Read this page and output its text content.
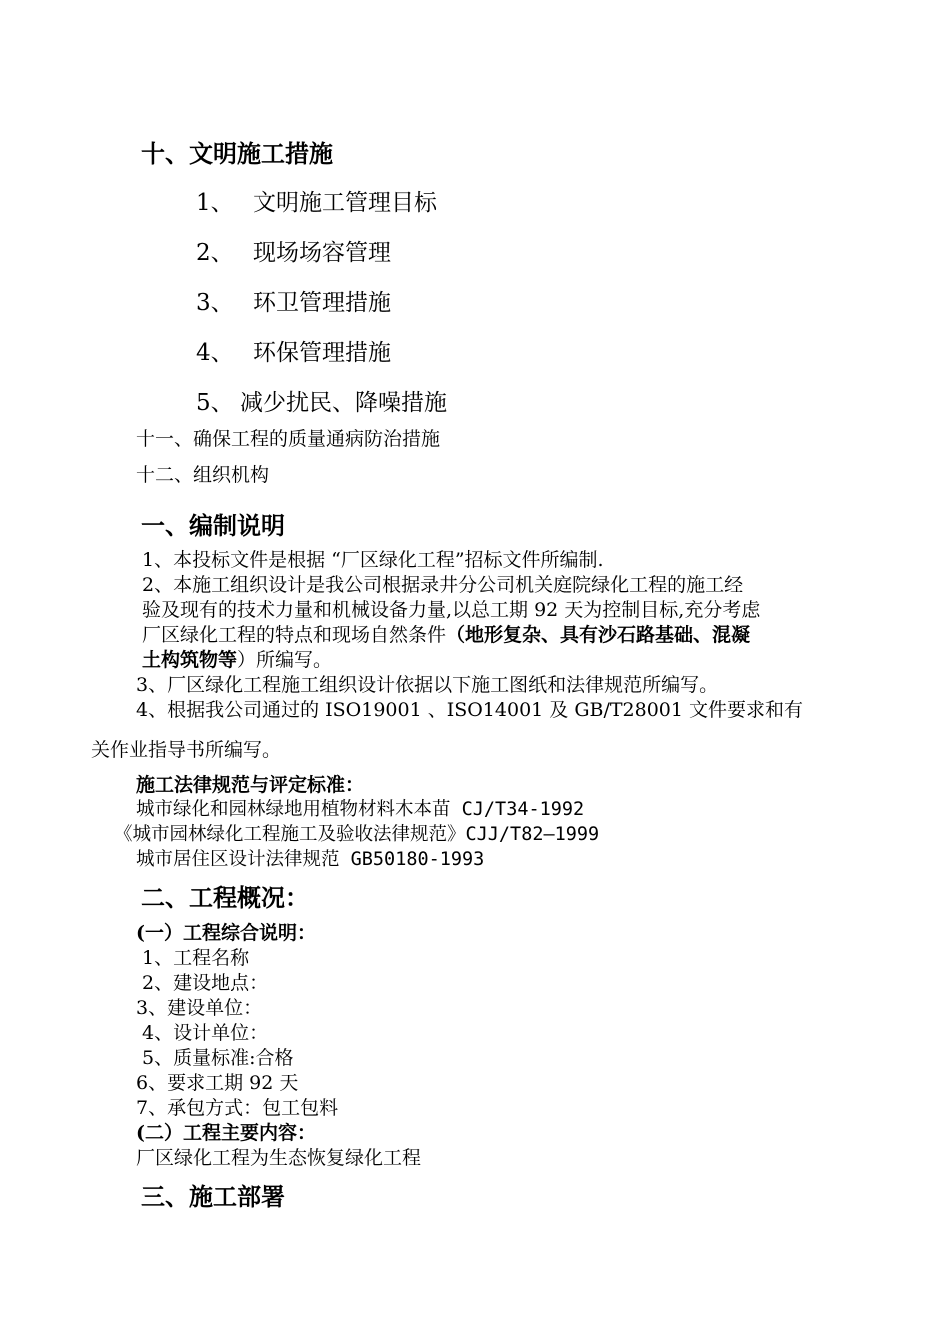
十、文明施工措施
1、 文明施工管理目标
2、 现场场容管理
3、 环卫管理措施
4、 环保管理措施
5、 减少扰民、降噪措施
十一、确保工程的质量通病防治措施
十二、组织机构
一、编制说明
1、本投标文件是根据 “厂区绿化工程”招标文件所编制.
2、本施工组织设计是我公司根据录井分公司机关庭院绿化工程的施工经
验及现有的技术力量和机械设备力量,以总工期 92 天为控制目标,充分考虑
厂区绿化工程的特点和现场自然条件（地形复杂、具有沙石路基础、混凝
土构筑物等）所编写。
3、厂区绿化工程施工组织设计依据以下施工图纸和法律规范所编写。
4、根据我公司通过的 ISO19001 、ISO14001 及 GB/T28001 文件要求和有
关作业指导书所编写。
施工法律规范与评定标准：
城市绿化和园林绿地用植物材料木本苗 CJ/T34-1992
《城市园林绿化工程施工及验收法律规范》CJJ/T82—1999
城市居住区设计法律规范 GB50180-1993
二、工程概况：
(一）工程综合说明：
1、工程名称
2、建设地点：
3、建设单位：
4、设计单位：
5、质量标准:合格
6、要求工期 92 天
7、承包方式：包工包料
(二）工程主要内容：
厂区绿化工程为生态恢复绿化工程
三、施工部署
